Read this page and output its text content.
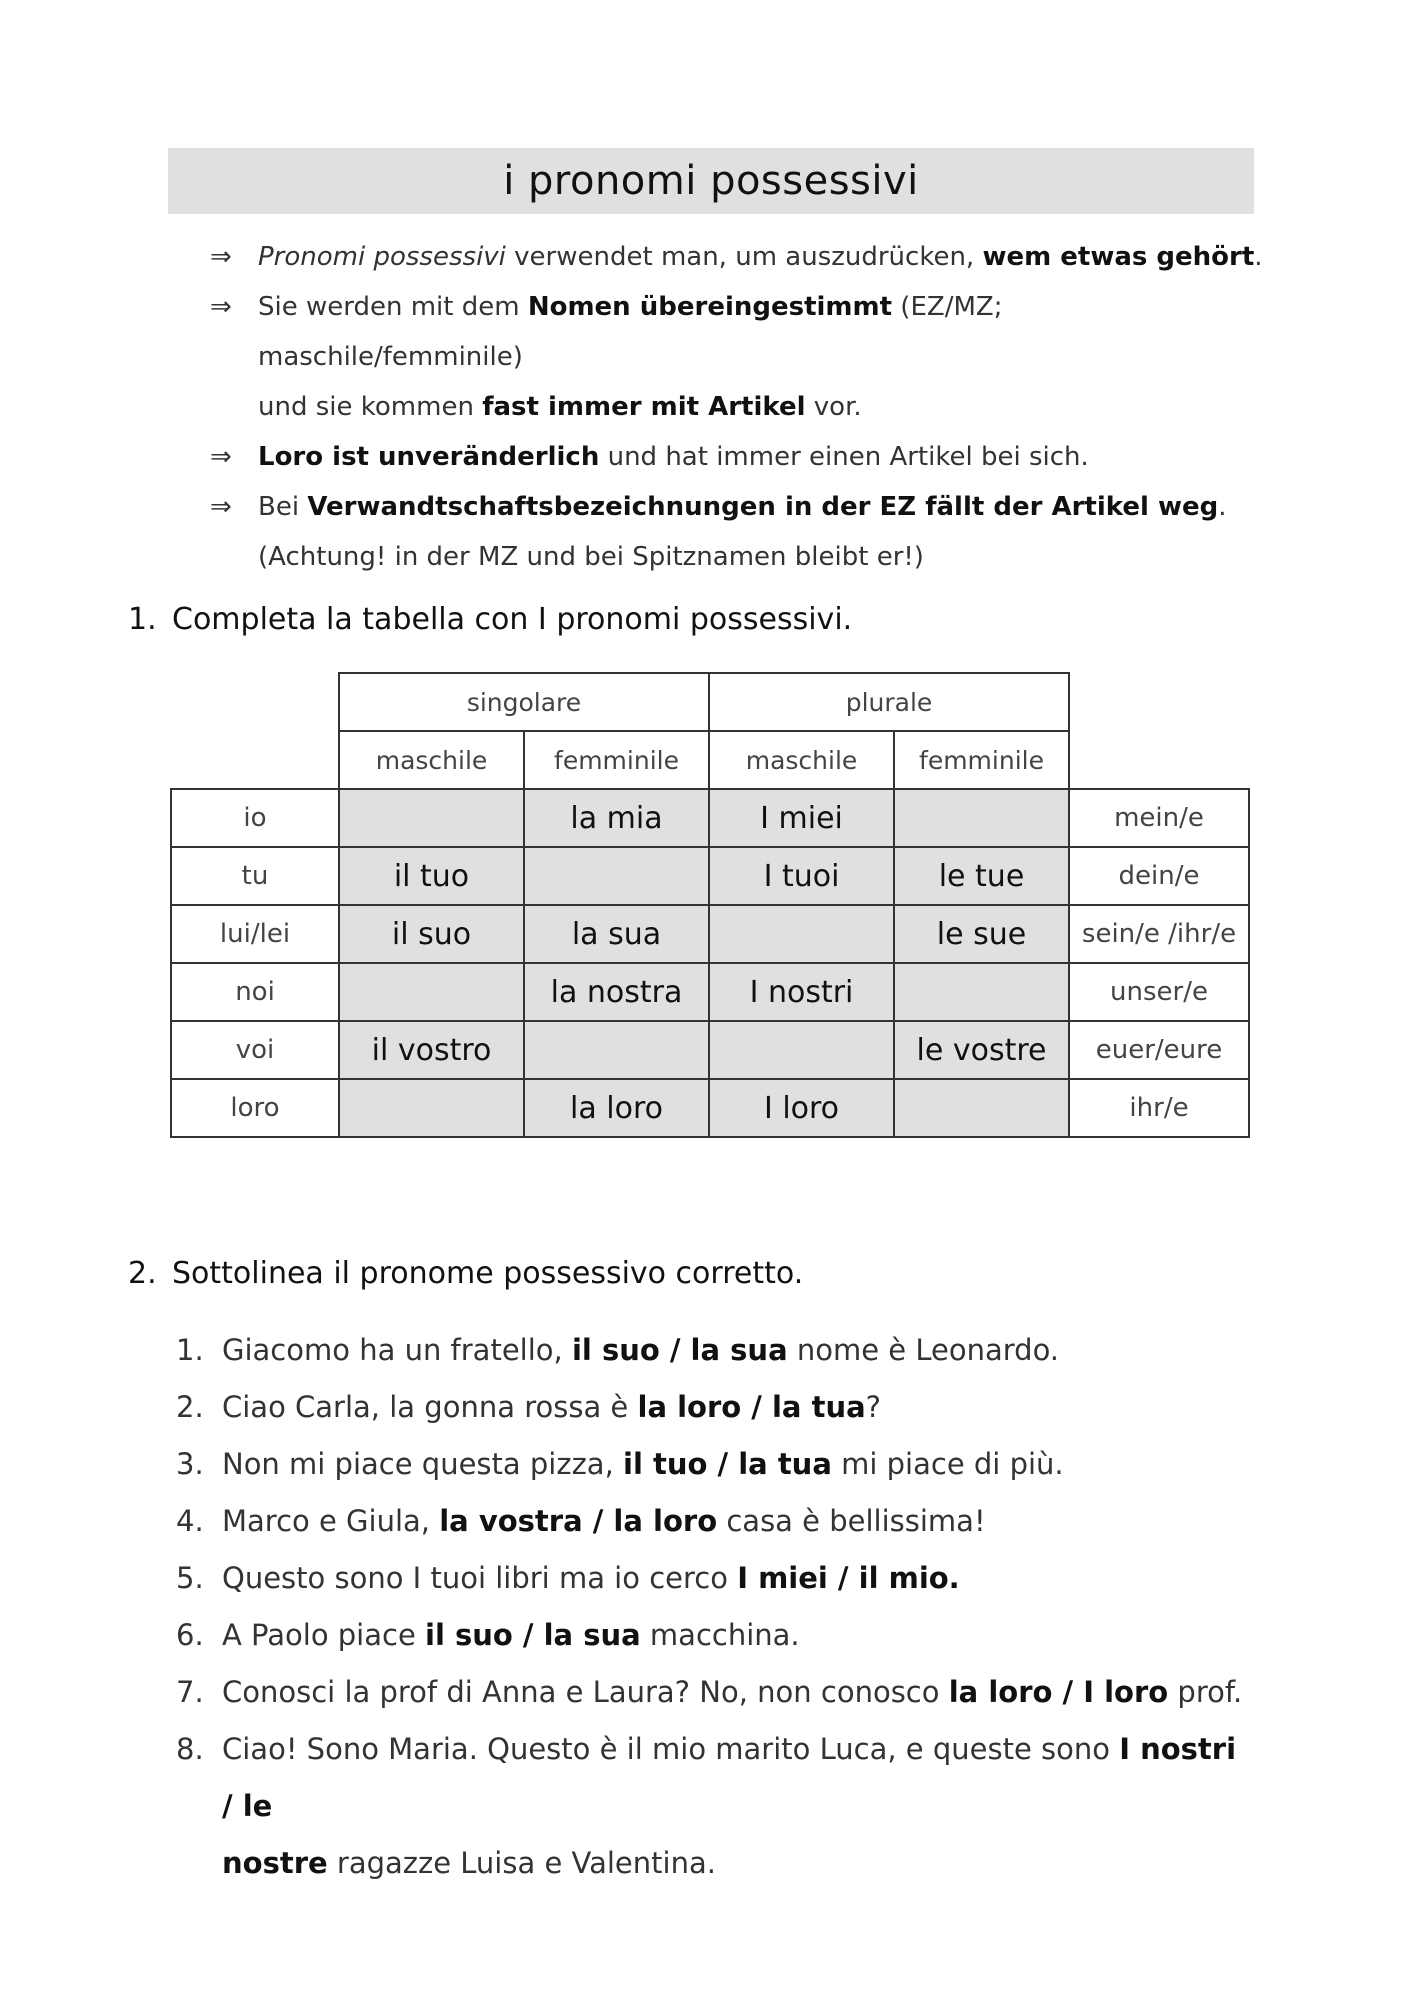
i pronomi possessivi
⇒	Pronomi possessivi verwendet man, um auszudrücken, wem etwas gehört.
⇒	Sie werden mit dem Nomen übereingestimmt (EZ/MZ; maschile/femminile)
und sie kommen fast immer mit Artikel vor.
⇒	Loro ist unveränderlich und hat immer einen Artikel bei sich.
⇒	Bei Verwandtschaftsbezeichnungen in der EZ fällt der Artikel weg.
(Achtung! in der MZ und bei Spitznamen bleibt er!)
1. Completa la tabella con I pronomi possessivi.
	singolare		plurale		
	maschile	femminile	maschile	femminile	
io		la mia	I miei		mein/e
tu	il tuo		I tuoi	le tue	dein/e
lui/lei	il suo	la sua		le sue	sein/e /ihr/e
noi		la nostra	I nostri		unser/e
voi	il vostro			le vostre	euer/eure
loro		la loro	I loro		ihr/e
2. Sottolinea il pronome possessivo corretto.
1. Giacomo ha un fratello, il suo / la sua nome è Leonardo.
2. Ciao Carla, la gonna rossa è la loro / la tua?
3. Non mi piace questa pizza, il tuo / la tua mi piace di più.
4. Marco e Giula, la vostra / la loro casa è bellissima!
5. Questo sono I tuoi libri ma io cerco I miei / il mio.
6. A Paolo piace il suo / la sua macchina.
7. Conosci la prof di Anna e Laura? No, non conosco la loro / I loro prof.
8. Ciao! Sono Maria. Questo è il mio marito Luca, e queste sono I nostri / le
nostre ragazze Luisa e Valentina.
